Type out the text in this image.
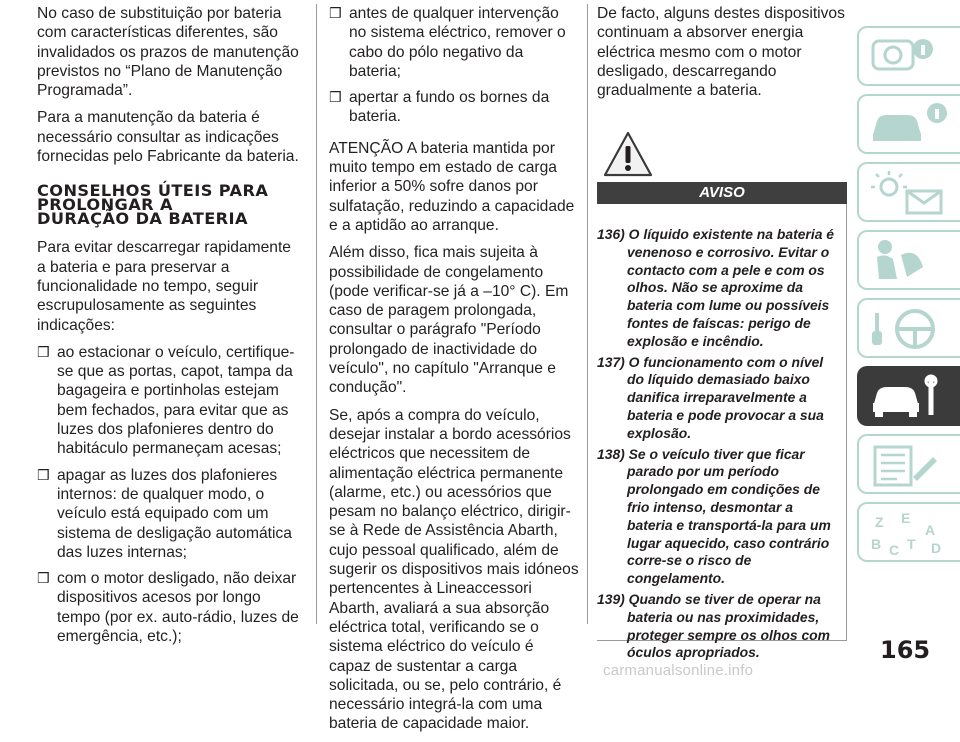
No caso de substituição por bateria com características diferentes, são invalidados os prazos de manutenção previstos no “Plano de Manutenção Programada”.

Para a manutenção da bateria é necessário consultar as indicações fornecidas pelo Fabricante da bateria.

CONSELHOS ÚTEIS PARA
PROLONGAR A
DURAÇÃO DA BATERIA

Para evitar descarregar rapidamente a bateria e para preservar a funcionalidade no tempo, seguir escrupulosamente as seguintes indicações:

❒ ao estacionar o veículo, certifique-se que as portas, capot, tampa da bagageira e portinholas estejam bem fechados, para evitar que as luzes dos plafonieres dentro do habitáculo permaneçam acesas;
❒ apagar as luzes dos plafonieres internos: de qualquer modo, o veículo está equipado com um sistema de desligação automática das luzes internas;
❒ com o motor desligado, não deixar dispositivos acesos por longo tempo (por ex. auto-rádio, luzes de emergência, etc.);
❒ antes de qualquer intervenção no sistema eléctrico, remover o cabo do pólo negativo da bateria;
❒ apertar a fundo os bornes da bateria.

ATENÇÃO A bateria mantida por muito tempo em estado de carga inferior a 50% sofre danos por sulfatação, reduzindo a capacidade e a aptidão ao arranque.

Além disso, fica mais sujeita à possibilidade de congelamento (pode verificar-se já a –10° C). Em caso de paragem prolongada, consultar o parágrafo "Período prolongado de inactividade do veículo", no capítulo "Arranque e condução".

Se, após a compra do veículo, desejar instalar a bordo acessórios eléctricos que necessitem de alimentação eléctrica permanente (alarme, etc.) ou acessórios que pesam no balanço eléctrico, dirigir-se à Rede de Assistência Abarth, cujo pessoal qualificado, além de sugerir os dispositivos mais idóneos pertencentes à Lineaccessori Abarth, avaliará a sua absorção eléctrica total, verificando se o sistema eléctrico do veículo é capaz de sustentar a carga solicitada, ou se, pelo contrário, é necessário integrá-la com uma bateria de capacidade maior.

De facto, alguns destes dispositivos continuam a absorver energia eléctrica mesmo com o motor desligado, descarregando gradualmente a bateria.

AVISO
136) O líquido existente na bateria é venenoso e corrosivo. Evitar o contacto com a pele e com os olhos. Não se aproxime da bateria com lume ou possíveis fontes de faíscas: perigo de explosão e incêndio.
137) O funcionamento com o nível do líquido demasiado baixo danifica irreparavelmente a bateria e pode provocar a sua explosão.
138) Se o veículo tiver que ficar parado por um período prolongado em condições de frio intenso, desmontar a bateria e transportá-la para um lugar aquecido, caso contrário corre-se o risco de congelamento.
139) Quando se tiver de operar na bateria ou nas proximidades, proteger sempre os olhos com óculos apropriados.
Z E
A
B C T D
165
carmanualsonline.info
